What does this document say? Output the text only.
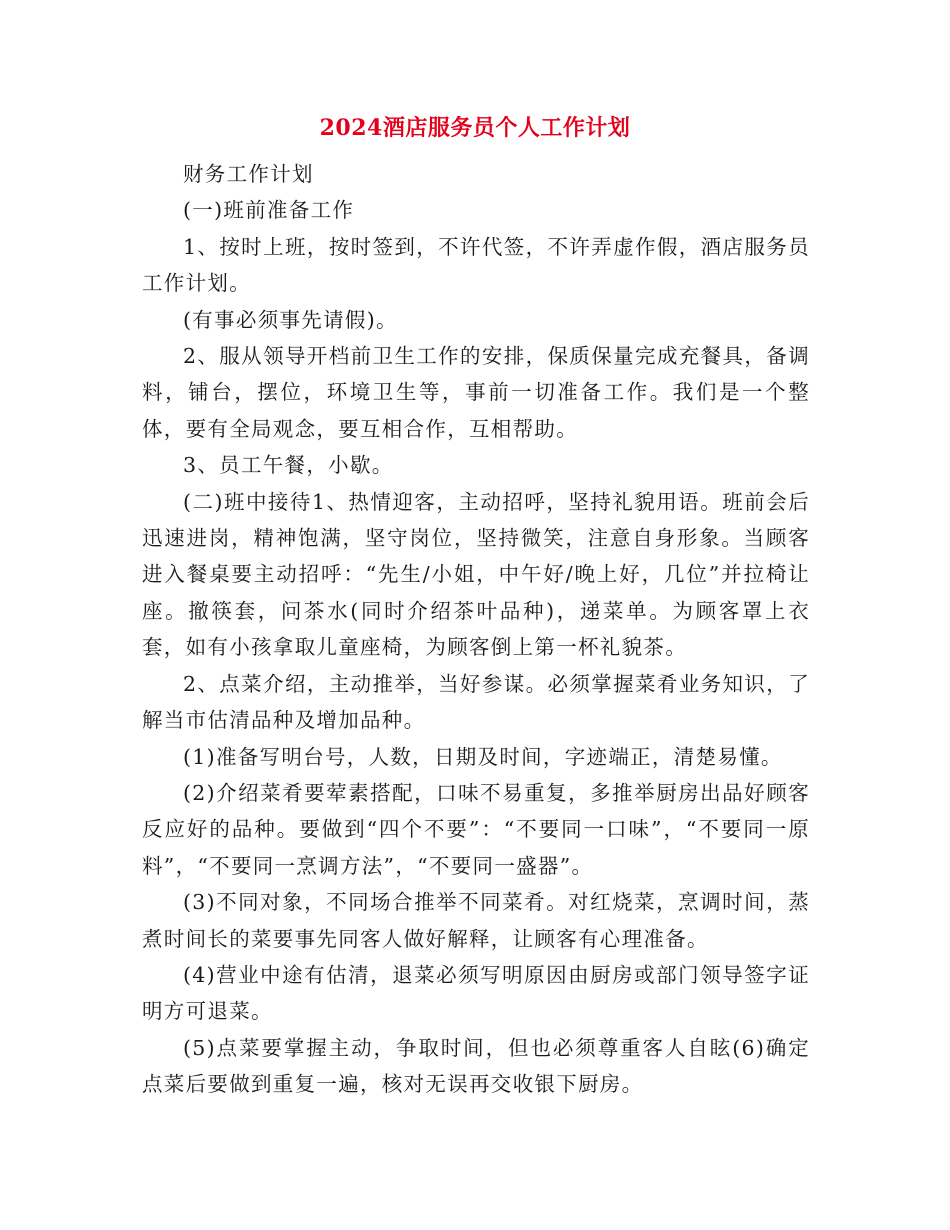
2024酒店服务员个人工作计划

财务工作计划

(一)班前准备工作

1、按时上班，按时签到，不许代签，不许弄虚作假，酒店服务员工作计划。

(有事必须事先请假)。

2、服从领导开档前卫生工作的安排，保质保量完成充餐具，备调料，铺台，摆位，环境卫生等，事前一切准备工作。我们是一个整体，要有全局观念，要互相合作，互相帮助。

3、员工午餐，小歇。

(二)班中接待1、热情迎客，主动招呼，坚持礼貌用语。班前会后迅速进岗，精神饱满，坚守岗位，坚持微笑，注意自身形象。当顾客进入餐桌要主动招呼：“先生/小姐，中午好/晚上好，几位”并拉椅让座。撤筷套，问茶水(同时介绍茶叶品种)，递菜单。为顾客罩上衣套，如有小孩拿取儿童座椅，为顾客倒上第一杯礼貌茶。

2、点菜介绍，主动推举，当好参谋。必须掌握菜肴业务知识，了解当市估清品种及增加品种。

(1)准备写明台号，人数，日期及时间，字迹端正，清楚易懂。

(2)介绍菜肴要荤素搭配，口味不易重复，多推举厨房出品好顾客反应好的品种。要做到“四个不要”：“不要同一口味”，“不要同一原料”，“不要同一烹调方法”，“不要同一盛器”。

(3)不同对象，不同场合推举不同菜肴。对红烧菜，烹调时间，蒸煮时间长的菜要事先同客人做好解释，让顾客有心理准备。

(4)营业中途有估清，退菜必须写明原因由厨房或部门领导签字证明方可退菜。

(5)点菜要掌握主动，争取时间，但也必须尊重客人自眩(6)确定点菜后要做到重复一遍，核对无误再交收银下厨房。
